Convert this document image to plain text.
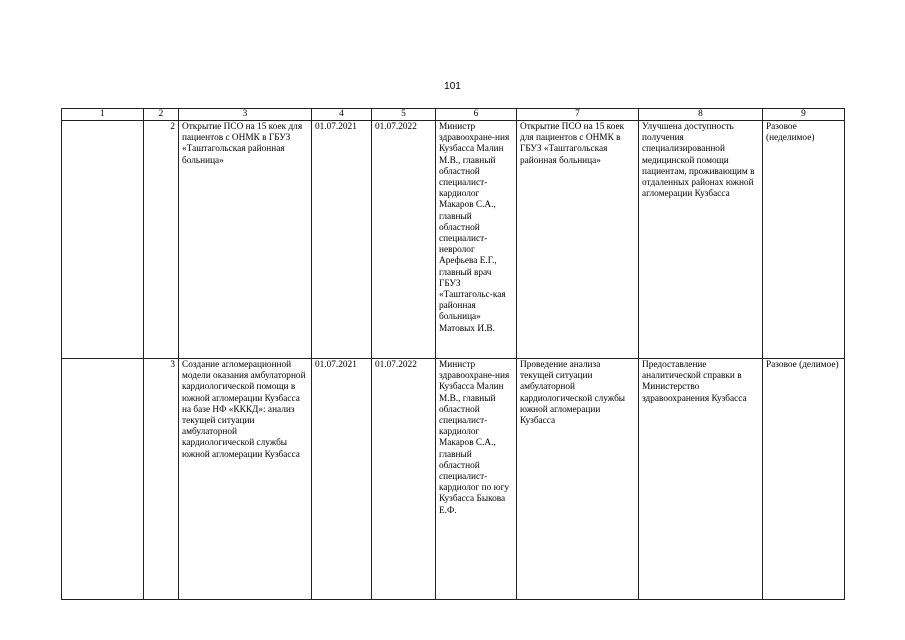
101
1	2	3	4	5	6	7	8	9
	2	Открытие ПСО на 15 коек для пациентов с ОНМК в ГБУЗ «Таштагольская районная больница»	01.07.2021	01.07.2022	Министр здравоохране-ния Кузбасса Малин М.В., главный областной специалист-кардиолог Макаров С.А., главный областной специалист-невролог Арефьева Е.Г., главный врач ГБУЗ «Таштагольс-кая районная больница» Матовых И.В.	Открытие ПСО на 15 коек для пациентов с ОНМК в ГБУЗ «Таштагольская районная больница»	Улучшена доступность получения специализированной медицинской помощи пациентам, проживающим в отдаленных районах южной агломерации Кузбасса	Разовое (неделимое)
	3	Создание агломерационной модели оказания амбулаторной кардиологической помощи в южной агломерации Кузбасса на базе НФ «КККД»: анализ текущей ситуации амбулаторной кардиологической службы южной агломерации Кузбасса	01.07.2021	01.07.2022	Министр здравоохране-ния Кузбасса Малин М.В., главный областной специалист-кардиолог Макаров С.А., главный областной специалист-кардиолог по югу Кузбасса Быкова Е.Ф.	Проведение анализа текущей ситуации амбулаторной кардиологической службы южной агломерации Кузбасса	Предоставление аналитической справки в Министерство здравоохранения Кузбасса	Разовое (делимое)
